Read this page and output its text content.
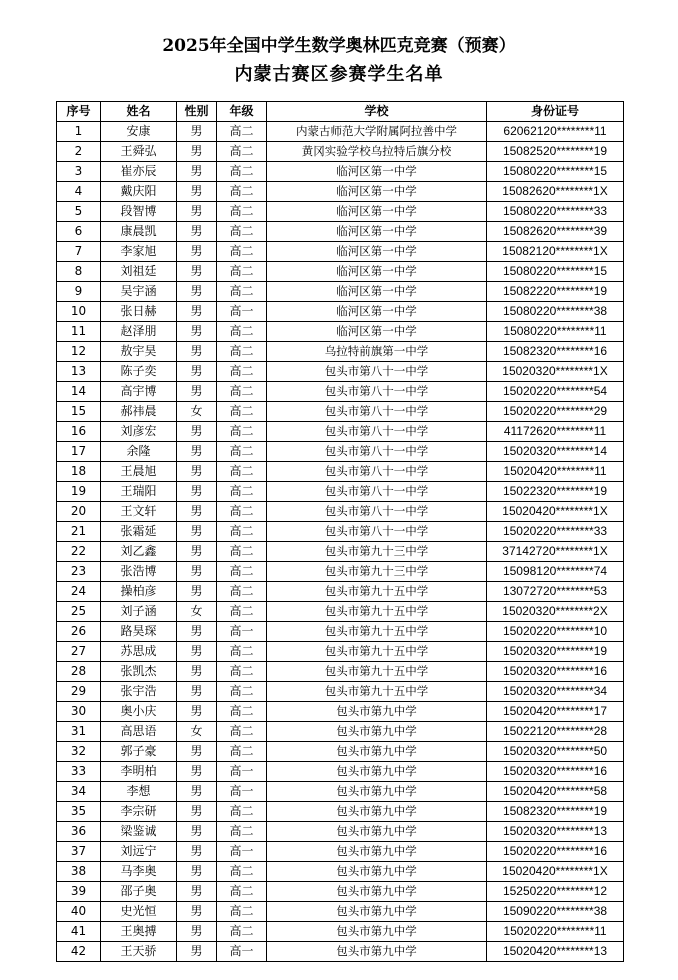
2025年全国中学生数学奥林匹克竞赛（预赛）
内蒙古赛区参赛学生名单
序号	姓名	性别	年级	学校	身份证号
1	安康	男	高二	内蒙古师范大学附属阿拉善中学	62062120********11
2	王舜弘	男	高二	黄冈实验学校乌拉特后旗分校	15082520********19
3	崔亦辰	男	高二	临河区第一中学	15080220********15
4	戴庆阳	男	高二	临河区第一中学	15082620********1X
5	段智博	男	高二	临河区第一中学	15080220********33
6	康晨凯	男	高二	临河区第一中学	15082620********39
7	李家旭	男	高二	临河区第一中学	15082120********1X
8	刘祖廷	男	高二	临河区第一中学	15080220********15
9	吴宇涵	男	高二	临河区第一中学	15082220********19
10	张日赫	男	高一	临河区第一中学	15080220********38
11	赵泽朋	男	高二	临河区第一中学	15080220********11
12	敖宇昊	男	高二	乌拉特前旗第一中学	15082320********16
13	陈子奕	男	高二	包头市第八十一中学	15020320********1X
14	高宇博	男	高二	包头市第八十一中学	15020220********54
15	郝祎晨	女	高二	包头市第八十一中学	15020220********29
16	刘彦宏	男	高二	包头市第八十一中学	41172620********11
17	余隆	男	高二	包头市第八十一中学	15020320********14
18	王晨旭	男	高二	包头市第八十一中学	15020420********11
19	王瑞阳	男	高二	包头市第八十一中学	15022320********19
20	王文轩	男	高二	包头市第八十一中学	15020420********1X
21	张霜延	男	高二	包头市第八十一中学	15020220********33
22	刘乙鑫	男	高二	包头市第九十三中学	37142720********1X
23	张浩博	男	高二	包头市第九十三中学	15098120********74
24	操柏彦	男	高二	包头市第九十五中学	13072720********53
25	刘子涵	女	高二	包头市第九十五中学	15020320********2X
26	路昊琛	男	高一	包头市第九十五中学	15020220********10
27	苏思成	男	高二	包头市第九十五中学	15020320********19
28	张凯杰	男	高二	包头市第九十五中学	15020320********16
29	张宇浩	男	高二	包头市第九十五中学	15020320********34
30	奥小庆	男	高二	包头市第九中学	15020420********17
31	高思语	女	高二	包头市第九中学	15022120********28
32	郭子豪	男	高二	包头市第九中学	15020320********50
33	李明柏	男	高一	包头市第九中学	15020320********16
34	李想	男	高一	包头市第九中学	15020420********58
35	李宗研	男	高二	包头市第九中学	15082320********19
36	梁鉴诚	男	高二	包头市第九中学	15020320********13
37	刘远宁	男	高一	包头市第九中学	15020220********16
38	马李奥	男	高二	包头市第九中学	15020420********1X
39	邵子奥	男	高二	包头市第九中学	15250220********12
40	史光恒	男	高二	包头市第九中学	15090220********38
41	王奥搏	男	高二	包头市第九中学	15020220********11
42	王天骄	男	高一	包头市第九中学	15020420********13
